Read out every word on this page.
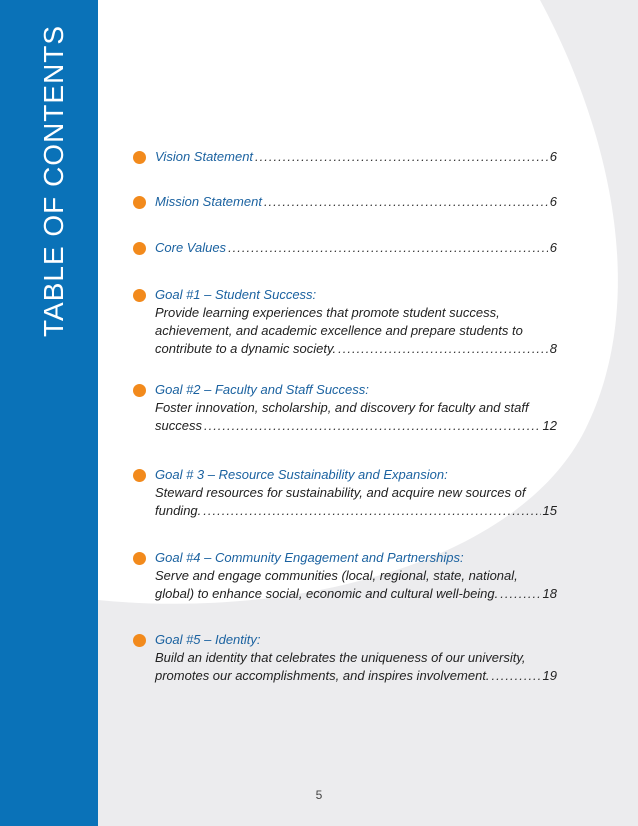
TABLE OF CONTENTS	Vision Statement .....	6
Mission Statement .....	6
Core Values .....	6
Goal #1 – Student Success:
Provide learning experiences that promote student success,
achievement, and academic excellence and prepare students to
contribute to a dynamic society. .....	8
Goal #2 – Faculty and Staff Success:
Foster innovation, scholarship, and discovery for faculty and staff
success .....	12
Goal # 3 – Resource Sustainability and Expansion:
Steward resources for sustainability, and acquire new sources of
funding. .....	15
Goal #4 – Community Engagement and Partnerships:
Serve and engage communities (local, regional, state, national,
global) to enhance social, economic and cultural well-being. .....	18
Goal #5 – Identity:
Build an identity that celebrates the uniqueness of our university,
promotes our accomplishments, and inspires involvement. .....	19
5
